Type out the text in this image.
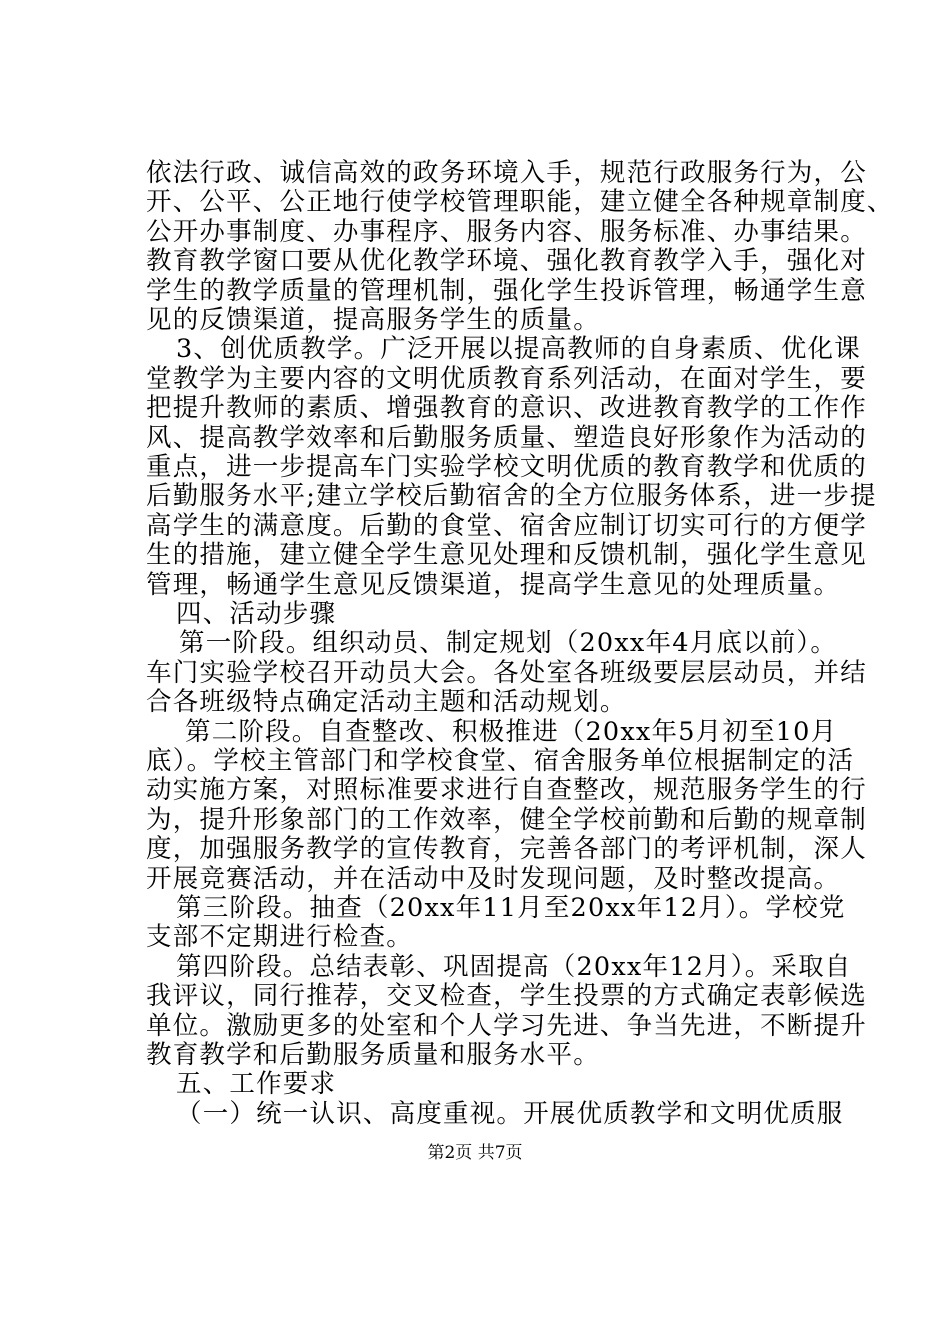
依法行政、诚信高效的政务环境入手，规范行政服务行为，公
开、公平、公正地行使学校管理职能，建立健全各种规章制度、
公开办事制度、办事程序、服务内容、服务标准、办事结果。
教育教学窗口要从优化教学环境、强化教育教学入手，强化对
学生的教学质量的管理机制，强化学生投诉管理，畅通学生意
见的反馈渠道，提高服务学生的质量。
3、创优质教学。广泛开展以提高教师的自身素质、优化课
堂教学为主要内容的文明优质教育系列活动，在面对学生，要
把提升教师的素质、增强教育的意识、改进教育教学的工作作
风、提高教学效率和后勤服务质量、塑造良好形象作为活动的
重点，进一步提高车门实验学校文明优质的教育教学和优质的
后勤服务水平;建立学校后勤宿舍的全方位服务体系，进一步提
高学生的满意度。后勤的食堂、宿舍应制订切实可行的方便学
生的措施，建立健全学生意见处理和反馈机制，强化学生意见
管理，畅通学生意见反馈渠道，提高学生意见的处理质量。
四、活动步骤
第一阶段。组织动员、制定规划（20xx年4月底以前）。
车门实验学校召开动员大会。各处室各班级要层层动员，并结
合各班级特点确定活动主题和活动规划。
第二阶段。自查整改、积极推进（20xx年5月初至10月
底）。学校主管部门和学校食堂、宿舍服务单位根据制定的活
动实施方案，对照标准要求进行自查整改，规范服务学生的行
为，提升形象部门的工作效率，健全学校前勤和后勤的规章制
度，加强服务教学的宣传教育，完善各部门的考评机制，深人
开展竞赛活动，并在活动中及时发现问题，及时整改提高。
第三阶段。抽查（20xx年11月至20xx年12月）。学校党
支部不定期进行检查。
第四阶段。总结表彰、巩固提高（20xx年12月）。采取自
我评议，同行推荐，交叉检查，学生投票的方式确定表彰候选
单位。激励更多的处室和个人学习先进、争当先进，不断提升
教育教学和后勤服务质量和服务水平。
五、工作要求
（一）统一认识、高度重视。开展优质教学和文明优质服
第2页 共7页
